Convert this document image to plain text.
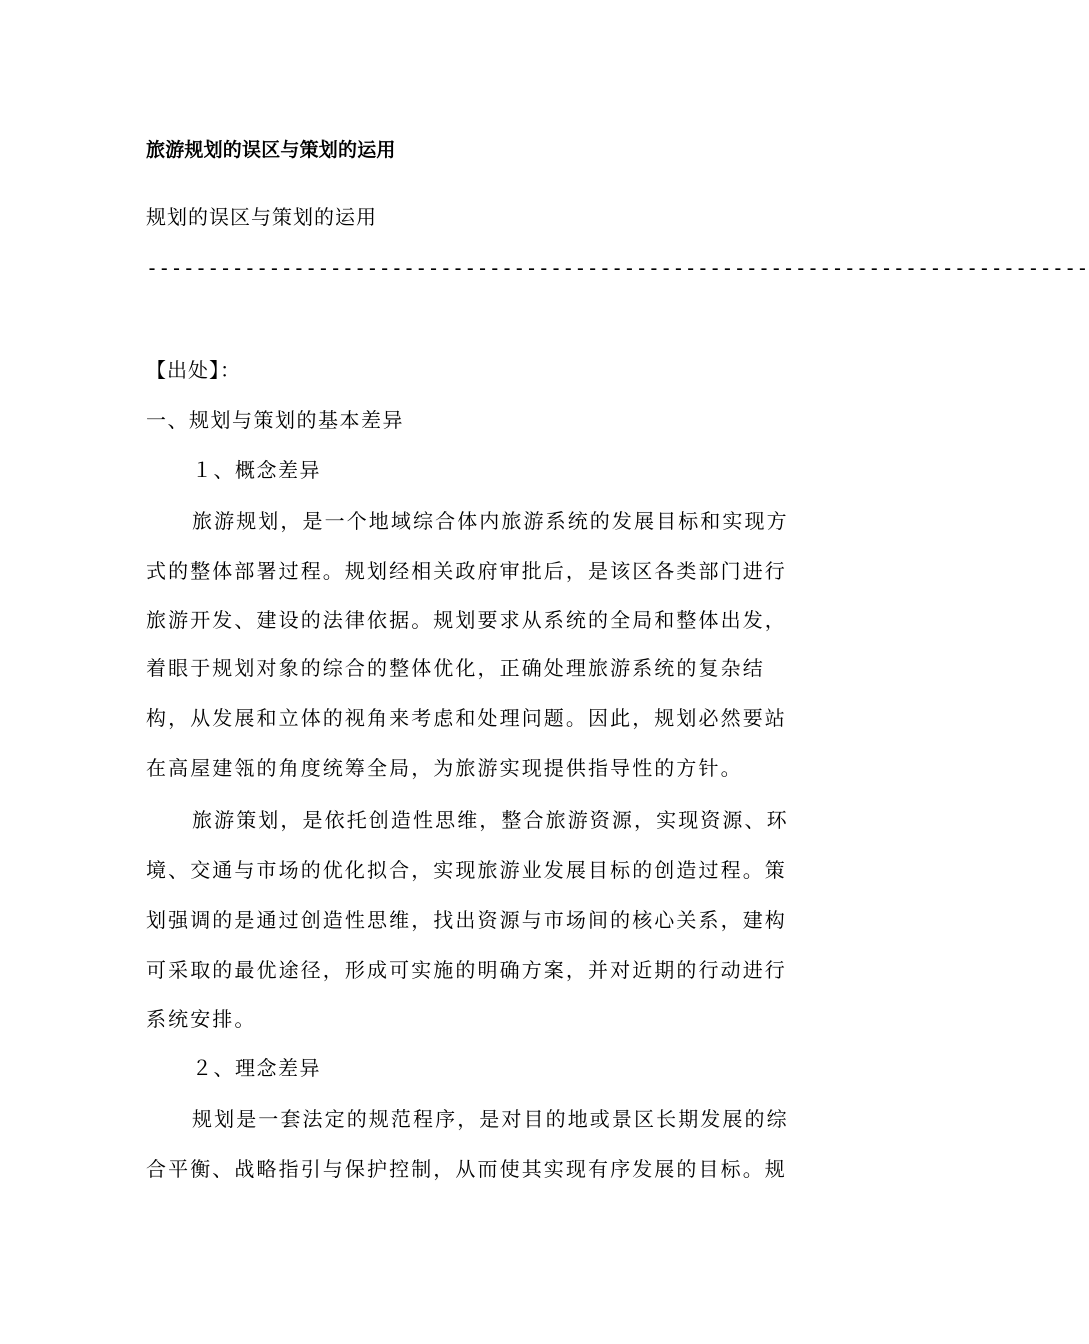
旅游规划的误区与策划的运用
规划的误区与策划的运用
-----------------------------------------------------------------------------
【出处】：
一、规划与策划的基本差异
１、概念差异
旅游规划，是一个地域综合体内旅游系统的发展目标和实现方
式的整体部署过程。规划经相关政府审批后，是该区各类部门进行
旅游开发、建设的法律依据。规划要求从系统的全局和整体出发，
着眼于规划对象的综合的整体优化，正确处理旅游系统的复杂结
构，从发展和立体的视角来考虑和处理问题。因此，规划必然要站
在高屋建瓴的角度统筹全局，为旅游实现提供指导性的方针。
旅游策划，是依托创造性思维，整合旅游资源，实现资源、环
境、交通与市场的优化拟合，实现旅游业发展目标的创造过程。策
划强调的是通过创造性思维，找出资源与市场间的核心关系，建构
可采取的最优途径，形成可实施的明确方案，并对近期的行动进行
系统安排。
２、理念差异
规划是一套法定的规范程序，是对目的地或景区长期发展的综
合平衡、战略指引与保护控制，从而使其实现有序发展的目标。规
